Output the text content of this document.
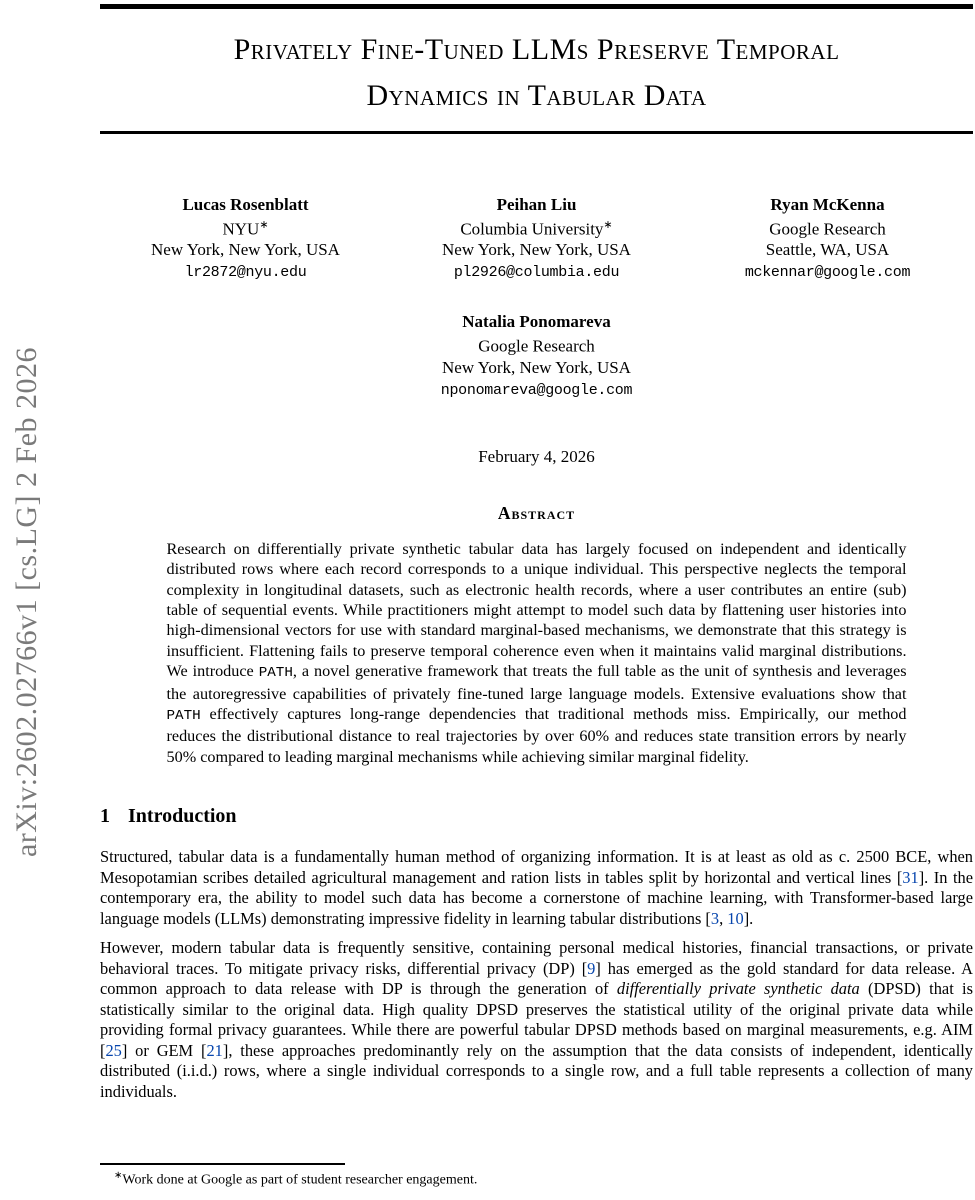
arXiv:2602.02766v1 [cs.LG] 2 Feb 2026
Privately Fine-Tuned LLMs Preserve Temporal
Dynamics in Tabular Data
Lucas Rosenblatt
NYU∗
New York, New York, USA
lr2872@nyu.edu
Peihan Liu
Columbia University∗
New York, New York, USA
pl2926@columbia.edu
Ryan McKenna
Google Research
Seattle, WA, USA
mckennar@google.com
Natalia Ponomareva
Google Research
New York, New York, USA
nponomareva@google.com
February 4, 2026
Abstract

Research on differentially private synthetic tabular data has largely focused on independent and identically distributed rows where each record corresponds to a unique individual. This perspective neglects the temporal complexity in longitudinal datasets, such as electronic health records, where a user contributes an entire (sub) table of sequential events. While practitioners might attempt to model such data by flattening user histories into high-dimensional vectors for use with standard marginal-based mechanisms, we demonstrate that this strategy is insufficient. Flattening fails to preserve temporal coherence even when it maintains valid marginal distributions. We introduce PATH, a novel generative framework that treats the full table as the unit of synthesis and leverages the autoregressive capabilities of privately fine-tuned large language models. Extensive evaluations show that PATH effectively captures long-range dependencies that traditional methods miss. Empirically, our method reduces the distributional distance to real trajectories by over 60% and reduces state transition errors by nearly 50% compared to leading marginal mechanisms while achieving similar marginal fidelity.

1 Introduction

Structured, tabular data is a fundamentally human method of organizing information. It is at least as old as c. 2500 BCE, when Mesopotamian scribes detailed agricultural management and ration lists in tables split by horizontal and vertical lines [31]. In the contemporary era, the ability to model such data has become a cornerstone of machine learning, with Transformer-based large language models (LLMs) demonstrating impressive fidelity in learning tabular distributions [3, 10].

However, modern tabular data is frequently sensitive, containing personal medical histories, financial transactions, or private behavioral traces. To mitigate privacy risks, differential privacy (DP) [9] has emerged as the gold standard for data release. A common approach to data release with DP is through the generation of differentially private synthetic data (DPSD) that is statistically similar to the original data. High quality DPSD preserves the statistical utility of the original private data while providing formal privacy guarantees. While there are powerful tabular DPSD methods based on marginal measurements, e.g. AIM [25] or GEM [21], these approaches predominantly rely on the assumption that the data consists of independent, identically distributed (i.i.d.) rows, where a single individual corresponds to a single row, and a full table represents a collection of many individuals.

∗Work done at Google as part of student researcher engagement.
